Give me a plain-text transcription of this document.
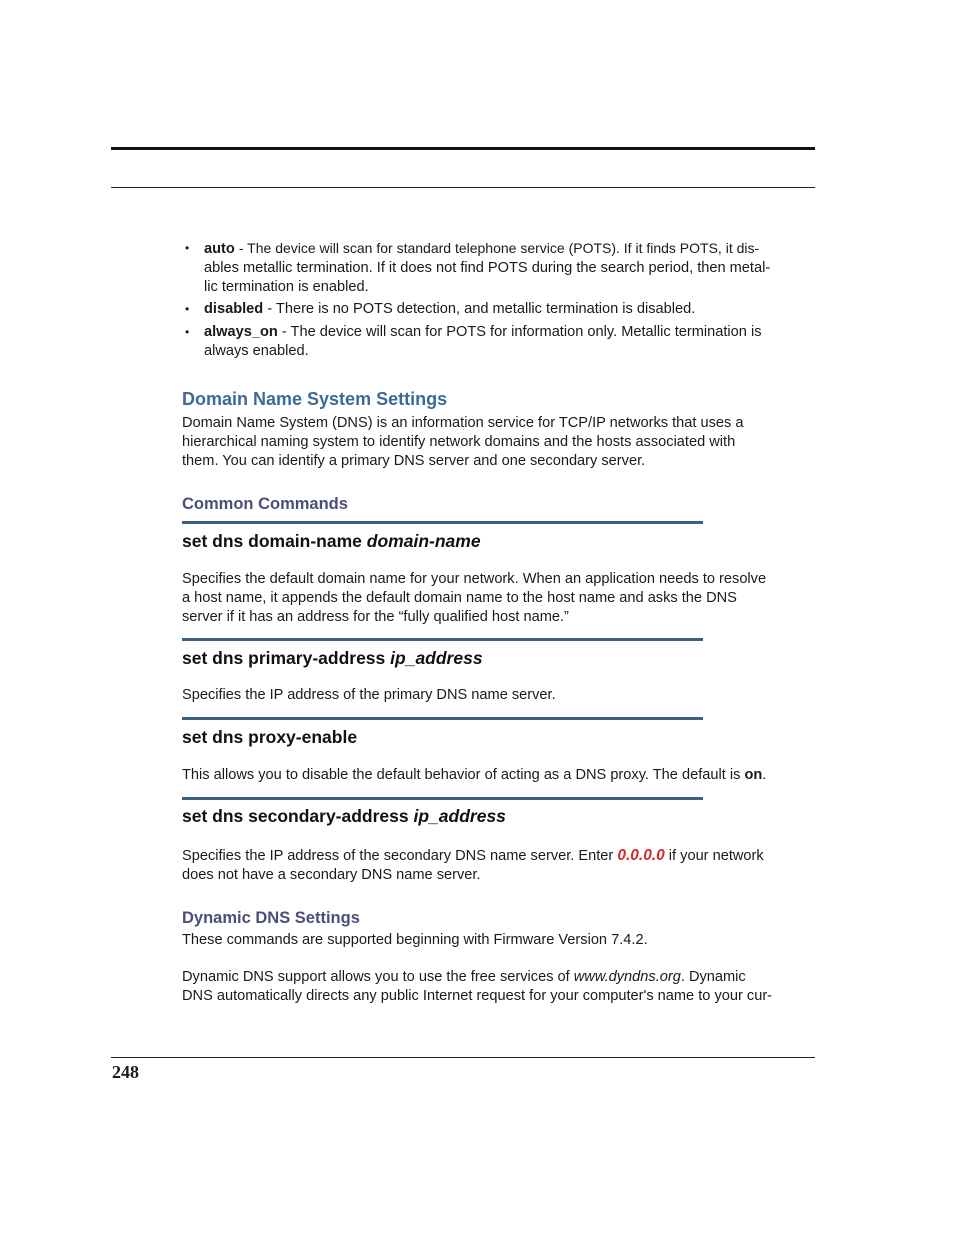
• auto - The device will scan for standard telephone service (POTS). If it finds POTS, it dis-
ables metallic termination. If it does not find POTS during the search period, then metal-
lic termination is enabled.
• disabled - There is no POTS detection, and metallic termination is disabled.
• always_on - The device will scan for POTS for information only. Metallic termination is
always enabled.
Domain Name System Settings
Domain Name System (DNS) is an information service for TCP/IP networks that uses a
hierarchical naming system to identify network domains and the hosts associated with
them. You can identify a primary DNS server and one secondary server.
Common Commands
set dns domain-name domain-name
Specifies the default domain name for your network. When an application needs to resolve
a host name, it appends the default domain name to the host name and asks the DNS
server if it has an address for the “fully qualified host name.”
set dns primary-address ip_address
Specifies the IP address of the primary DNS name server.
set dns proxy-enable
This allows you to disable the default behavior of acting as a DNS proxy. The default is on.
set dns secondary-address ip_address
Specifies the IP address of the secondary DNS name server. Enter 0.0.0.0 if your network
does not have a secondary DNS name server.
Dynamic DNS Settings
These commands are supported beginning with Firmware Version 7.4.2.
Dynamic DNS support allows you to use the free services of www.dyndns.org. Dynamic
DNS automatically directs any public Internet request for your computer's name to your cur-
248
